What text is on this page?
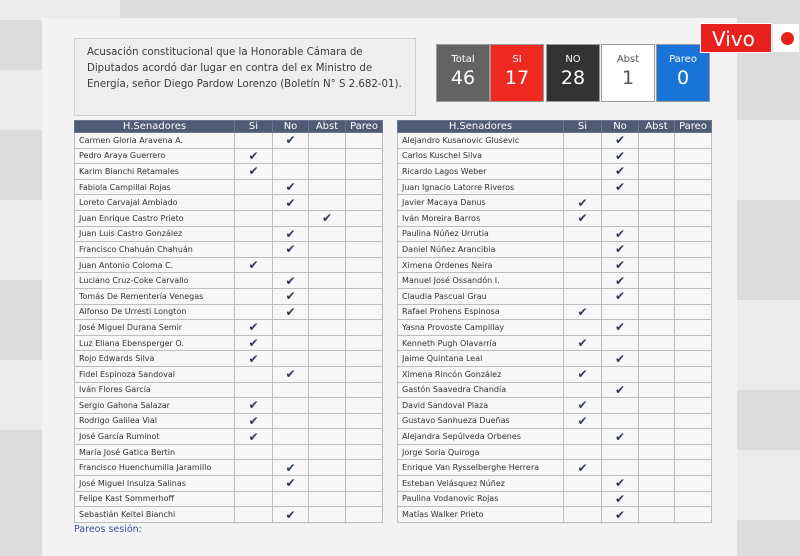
Acusación constitucional que la Honorable Cámara de Diputados acordó dar lugar en contra del ex Ministro de Energía, señor Diego Pardow Lorenzo (Boletín N° S 2.682-01).
Total
46
SI
17
NO
28
Abst
1
Pareo
0
Vivo
H.Senadores	Si	No	Abst	Pareo
Carmen Gloria Aravena A.		✔		
Pedro Araya Guerrero	✔			
Karim Bianchi Retamales	✔			
Fabiola Campillai Rojas		✔		
Loreto Carvajal Ambiado		✔		
Juan Enrique Castro Prieto			✔	
Juan Luis Castro González		✔		
Francisco Chahuán Chahuán		✔		
Juan Antonio Coloma C.	✔			
Luciano Cruz-Coke Carvallo		✔		
Tomás De Rementería Venegas		✔		
Alfonso De Urresti Longton		✔		
José Miguel Durana Semir	✔			
Luz Eliana Ebensperger O.	✔			
Rojo Edwards Silva	✔			
Fidel Espinoza Sandoval		✔		
Iván Flores García				
Sergio Gahona Salazar	✔			
Rodrigo Galilea Vial	✔			
José García Ruminot	✔			
María José Gatica Bertin				
Francisco Huenchumilla Jaramillo		✔		
José Miguel Insulza Salinas		✔		
Felipe Kast Sommerhoff				
Sebastián Keitel Bianchi		✔		
H.Senadores	Si	No	Abst	Pareo
Alejandro Kusanovic Glusevic		✔		
Carlos Kuschel Silva		✔		
Ricardo Lagos Weber		✔		
Juan Ignacio Latorre Riveros		✔		
Javier Macaya Danus	✔			
Iván Moreira Barros	✔			
Paulina Núñez Urrutia		✔		
Daniel Núñez Arancibia		✔		
Ximena Órdenes Neira		✔		
Manuel José Ossandón I.		✔		
Claudia Pascual Grau		✔		
Rafael Prohens Espinosa	✔			
Yasna Provoste Campillay		✔		
Kenneth Pugh Olavarría	✔			
Jaime Quintana Leal		✔		
Ximena Rincón González	✔			
Gastón Saavedra Chandía		✔		
David Sandoval Plaza	✔			
Gustavo Sanhueza Dueñas	✔			
Alejandra Sepúlveda Orbenes		✔		
Jorge Soria Quiroga				
Enrique Van Rysselberghe Herrera	✔			
Esteban Velásquez Núñez		✔		
Paulina Vodanovic Rojas		✔		
Matías Walker Prieto		✔		
Pareos sesión:
